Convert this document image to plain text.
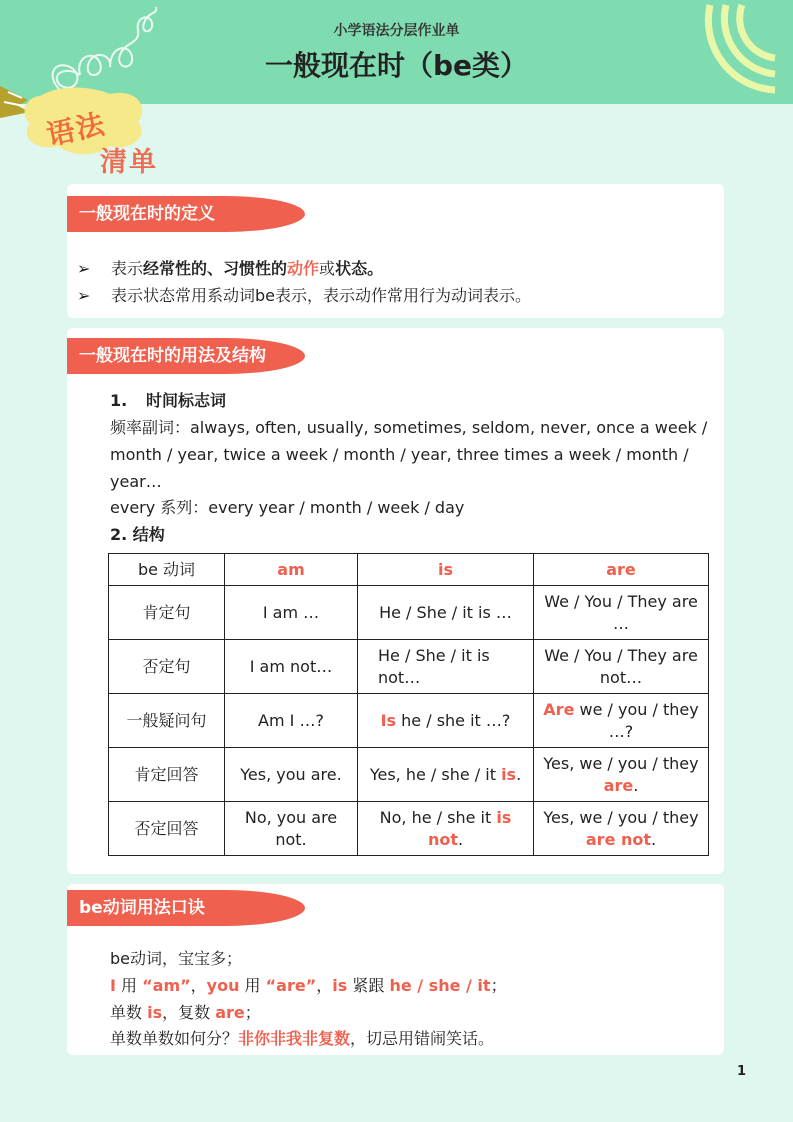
小学语法分层作业单
一般现在时（be类）
语法
清单
一般现在时的定义
➢ 表示经常性的、习惯性的动作或状态。
➢ 表示状态常用系动词be表示，表示动作常用行为动词表示。
一般现在时的用法及结构
1. 时间标志词
频率副词：always, often, usually, sometimes, seldom, never, once a week / month / year, twice a week / month / year, three times a week / month / year…
every 系列：every year / month / week / day
2. 结构
be 动词	am	is	are
肯定句	I am …	He / She / it is …	We / You / They are …
否定句	I am not…	He / She / it is not…	We / You / They are not…
一般疑问句	Am I …?	Is he / she it …?	Are we / you / they …?
肯定回答	Yes, you are.	Yes, he / she / it is.	Yes, we / you / they are.
否定回答	No, you are not.	No, he / she it is not.	Yes, we / you / they are not.
be动词用法口诀
be动词，宝宝多；
I 用 “am”，you 用 “are”，is 紧跟 he / she / it；
单数 is，复数 are；
单数单数如何分？非你非我非复数，切忌用错闹笑话。
1
